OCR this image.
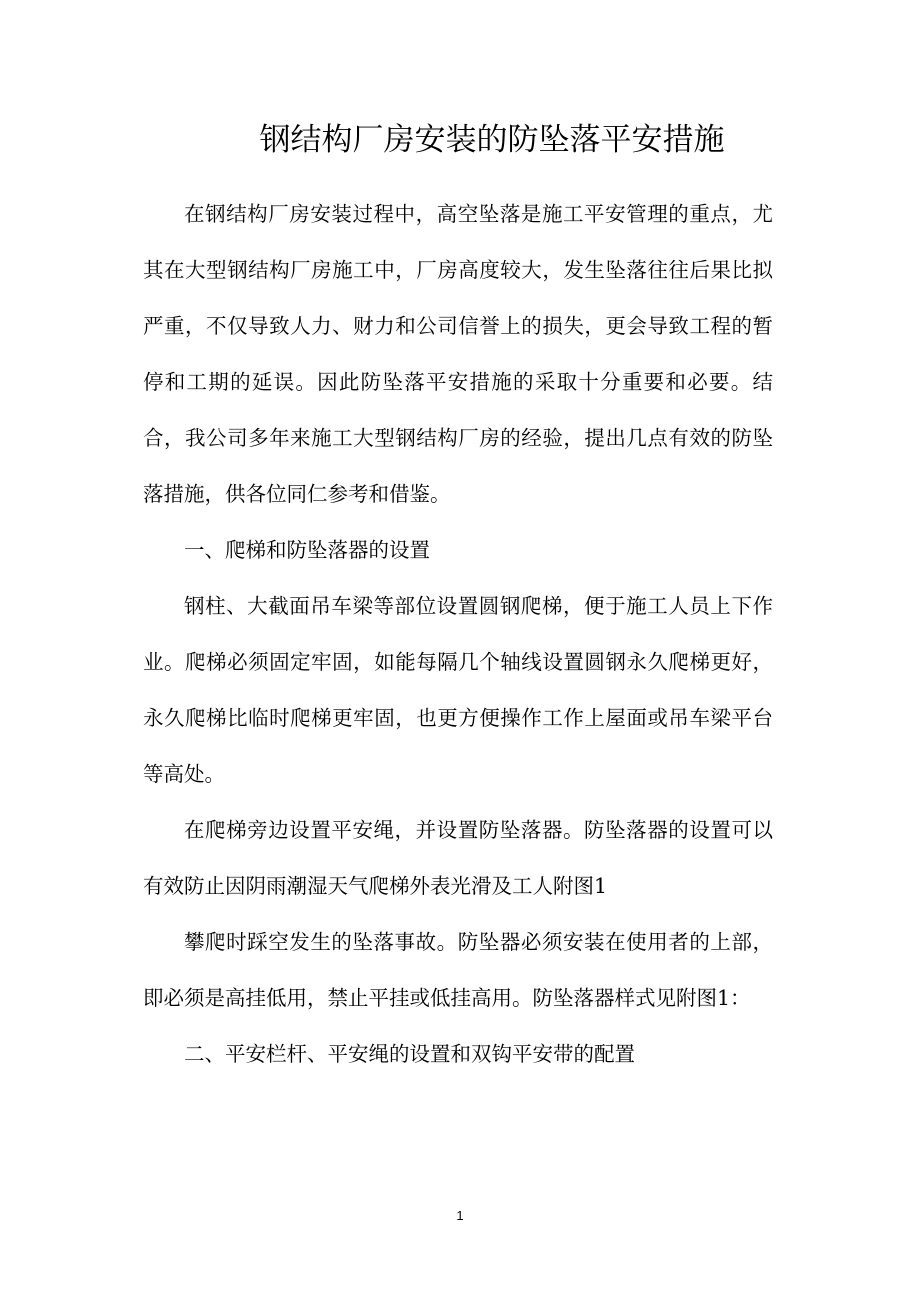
钢结构厂房安装的防坠落平安措施

在钢结构厂房安装过程中，高空坠落是施工平安管理的重点，尤其在大型钢结构厂房施工中，厂房高度较大，发生坠落往往后果比拟严重，不仅导致人力、财力和公司信誉上的损失，更会导致工程的暂停和工期的延误。因此防坠落平安措施的采取十分重要和必要。结合，我公司多年来施工大型钢结构厂房的经验，提出几点有效的防坠落措施，供各位同仁参考和借鉴。

一、爬梯和防坠落器的设置

钢柱、大截面吊车梁等部位设置圆钢爬梯，便于施工人员上下作业。爬梯必须固定牢固，如能每隔几个轴线设置圆钢永久爬梯更好，永久爬梯比临时爬梯更牢固，也更方便操作工作上屋面或吊车梁平台等高处。

在爬梯旁边设置平安绳，并设置防坠落器。防坠落器的设置可以有效防止因阴雨潮湿天气爬梯外表光滑及工人附图1

攀爬时踩空发生的坠落事故。防坠器必须安装在使用者的上部，即必须是高挂低用，禁止平挂或低挂高用。防坠落器样式见附图1：

二、平安栏杆、平安绳的设置和双钩平安带的配置

1
